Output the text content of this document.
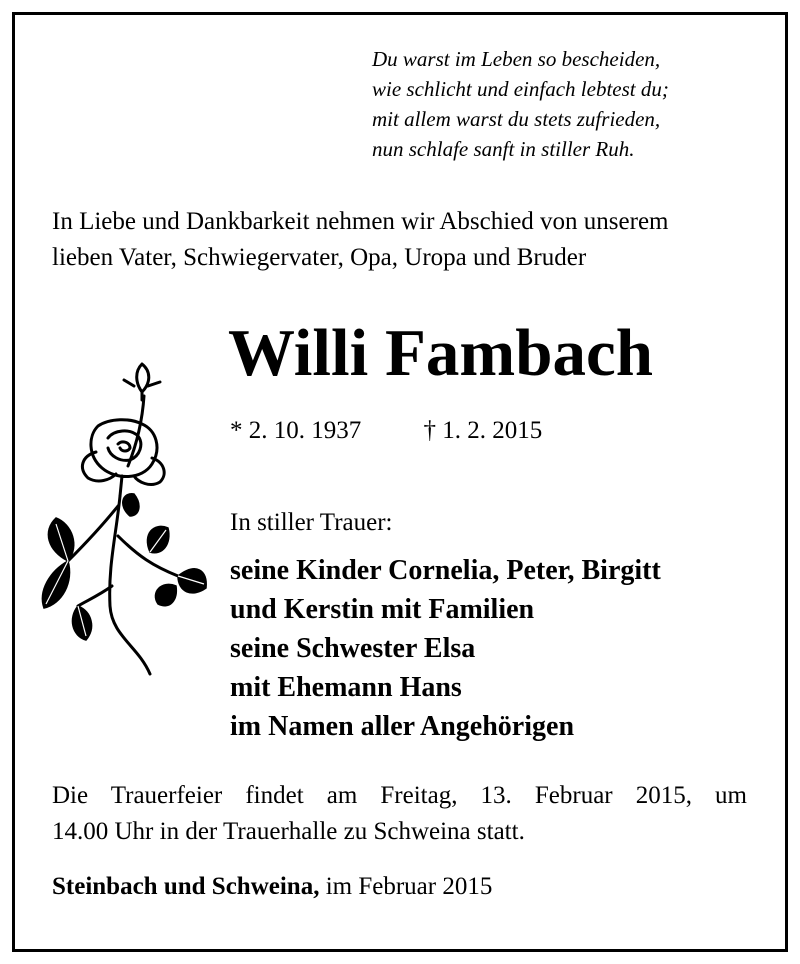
Du warst im Leben so bescheiden,
wie schlicht und einfach lebtest du;
mit allem warst du stets zufrieden,
nun schlafe sanft in stiller Ruh.
In Liebe und Dankbarkeit nehmen wir Abschied von unserem
lieben Vater, Schwiegervater, Opa, Uropa und Bruder
Willi Fambach
* 2. 10. 1937 † 1. 2. 2015
In stiller Trauer:
seine Kinder Cornelia, Peter, Birgitt
und Kerstin mit Familien
seine Schwester Elsa
mit Ehemann Hans
im Namen aller Angehörigen
Die Trauerfeier findet am Freitag, 13. Februar 2015, um
14.00 Uhr in der Trauerhalle zu Schweina statt.
Steinbach und Schweina, im Februar 2015
